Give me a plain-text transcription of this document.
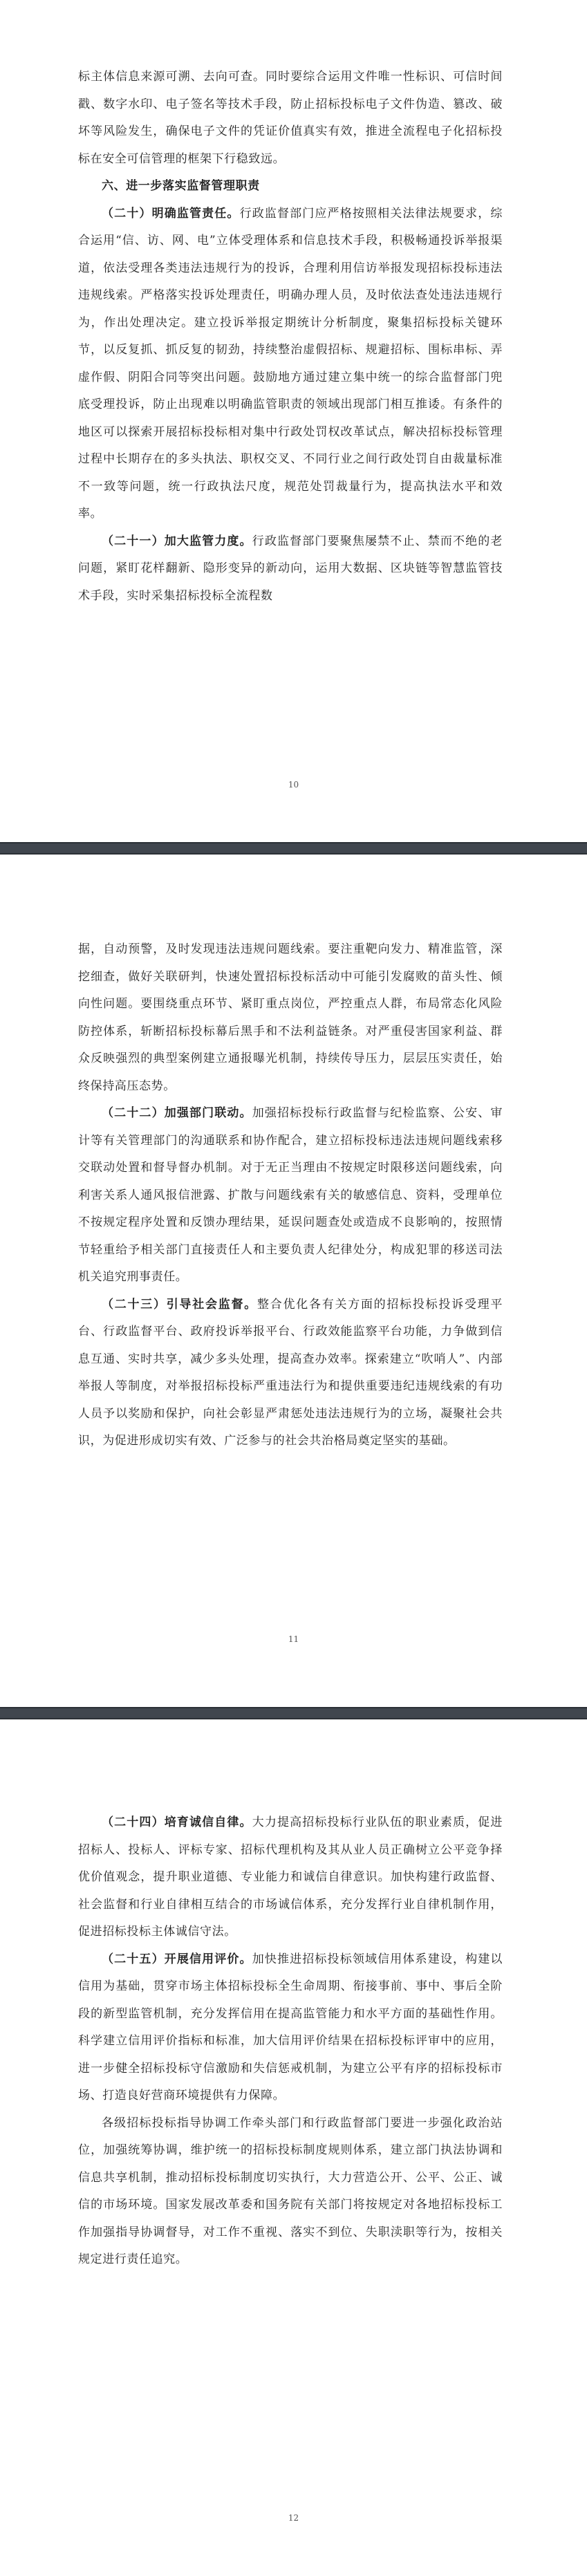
标主体信息来源可溯、去向可查。同时要综合运用文件唯一性标识、可信时间戳、数字水印、电子签名等技术手段，防止招标投标电子文件伪造、篡改、破坏等风险发生，确保电子文件的凭证价值真实有效，推进全流程电子化招标投标在安全可信管理的框架下行稳致远。

六、进一步落实监督管理职责

（二十）明确监管责任。行政监督部门应严格按照相关法律法规要求，综合运用“信、访、网、电”立体受理体系和信息技术手段，积极畅通投诉举报渠道，依法受理各类违法违规行为的投诉，合理利用信访举报发现招标投标违法违规线索。严格落实投诉处理责任，明确办理人员，及时依法查处违法违规行为，作出处理决定。建立投诉举报定期统计分析制度，聚集招标投标关键环节，以反复抓、抓反复的韧劲，持续整治虚假招标、规避招标、围标串标、弄虚作假、阴阳合同等突出问题。鼓励地方通过建立集中统一的综合监督部门兜底受理投诉，防止出现难以明确监管职责的领域出现部门相互推诿。有条件的地区可以探索开展招标投标相对集中行政处罚权改革试点，解决招标投标管理过程中长期存在的多头执法、职权交叉、不同行业之间行政处罚自由裁量标准不一致等问题，统一行政执法尺度，规范处罚裁量行为，提高执法水平和效率。

（二十一）加大监管力度。行政监督部门要聚焦屡禁不止、禁而不绝的老问题，紧盯花样翻新、隐形变异的新动向，运用大数据、区块链等智慧监管技术手段，实时采集招标投标全流程数

10

据，自动预警，及时发现违法违规问题线索。要注重靶向发力、精准监管，深挖细查，做好关联研判，快速处置招标投标活动中可能引发腐败的苗头性、倾向性问题。要围绕重点环节、紧盯重点岗位，严控重点人群，布局常态化风险防控体系，斩断招标投标幕后黑手和不法利益链条。对严重侵害国家利益、群众反映强烈的典型案例建立通报曝光机制，持续传导压力，层层压实责任，始终保持高压态势。

（二十二）加强部门联动。加强招标投标行政监督与纪检监察、公安、审计等有关管理部门的沟通联系和协作配合，建立招标投标违法违规问题线索移交联动处置和督导督办机制。对于无正当理由不按规定时限移送问题线索，向利害关系人通风报信泄露、扩散与问题线索有关的敏感信息、资料，受理单位不按规定程序处置和反馈办理结果，延误问题查处或造成不良影响的，按照情节轻重给予相关部门直接责任人和主要负责人纪律处分，构成犯罪的移送司法机关追究刑事责任。

（二十三）引导社会监督。整合优化各有关方面的招标投标投诉受理平台、行政监督平台、政府投诉举报平台、行政效能监察平台功能，力争做到信息互通、实时共享，减少多头处理，提高查办效率。探索建立“吹哨人”、内部举报人等制度，对举报招标投标严重违法行为和提供重要违纪违规线索的有功人员予以奖励和保护，向社会彰显严肃惩处违法违规行为的立场，凝聚社会共识，为促进形成切实有效、广泛参与的社会共治格局奠定坚实的基础。

11

（二十四）培育诚信自律。大力提高招标投标行业队伍的职业素质，促进招标人、投标人、评标专家、招标代理机构及其从业人员正确树立公平竞争择优价值观念，提升职业道德、专业能力和诚信自律意识。加快构建行政监督、社会监督和行业自律相互结合的市场诚信体系，充分发挥行业自律机制作用，促进招标投标主体诚信守法。

（二十五）开展信用评价。加快推进招标投标领域信用体系建设，构建以信用为基础，贯穿市场主体招标投标全生命周期、衔接事前、事中、事后全阶段的新型监管机制，充分发挥信用在提高监管能力和水平方面的基础性作用。科学建立信用评价指标和标准，加大信用评价结果在招标投标评审中的应用，进一步健全招标投标守信激励和失信惩戒机制，为建立公平有序的招标投标市场、打造良好营商环境提供有力保障。

各级招标投标指导协调工作牵头部门和行政监督部门要进一步强化政治站位，加强统筹协调，维护统一的招标投标制度规则体系，建立部门执法协调和信息共享机制，推动招标投标制度切实执行，大力营造公开、公平、公正、诚信的市场环境。国家发展改革委和国务院有关部门将按规定对各地招标投标工作加强指导协调督导，对工作不重视、落实不到位、失职渎职等行为，按相关规定进行责任追究。

12
